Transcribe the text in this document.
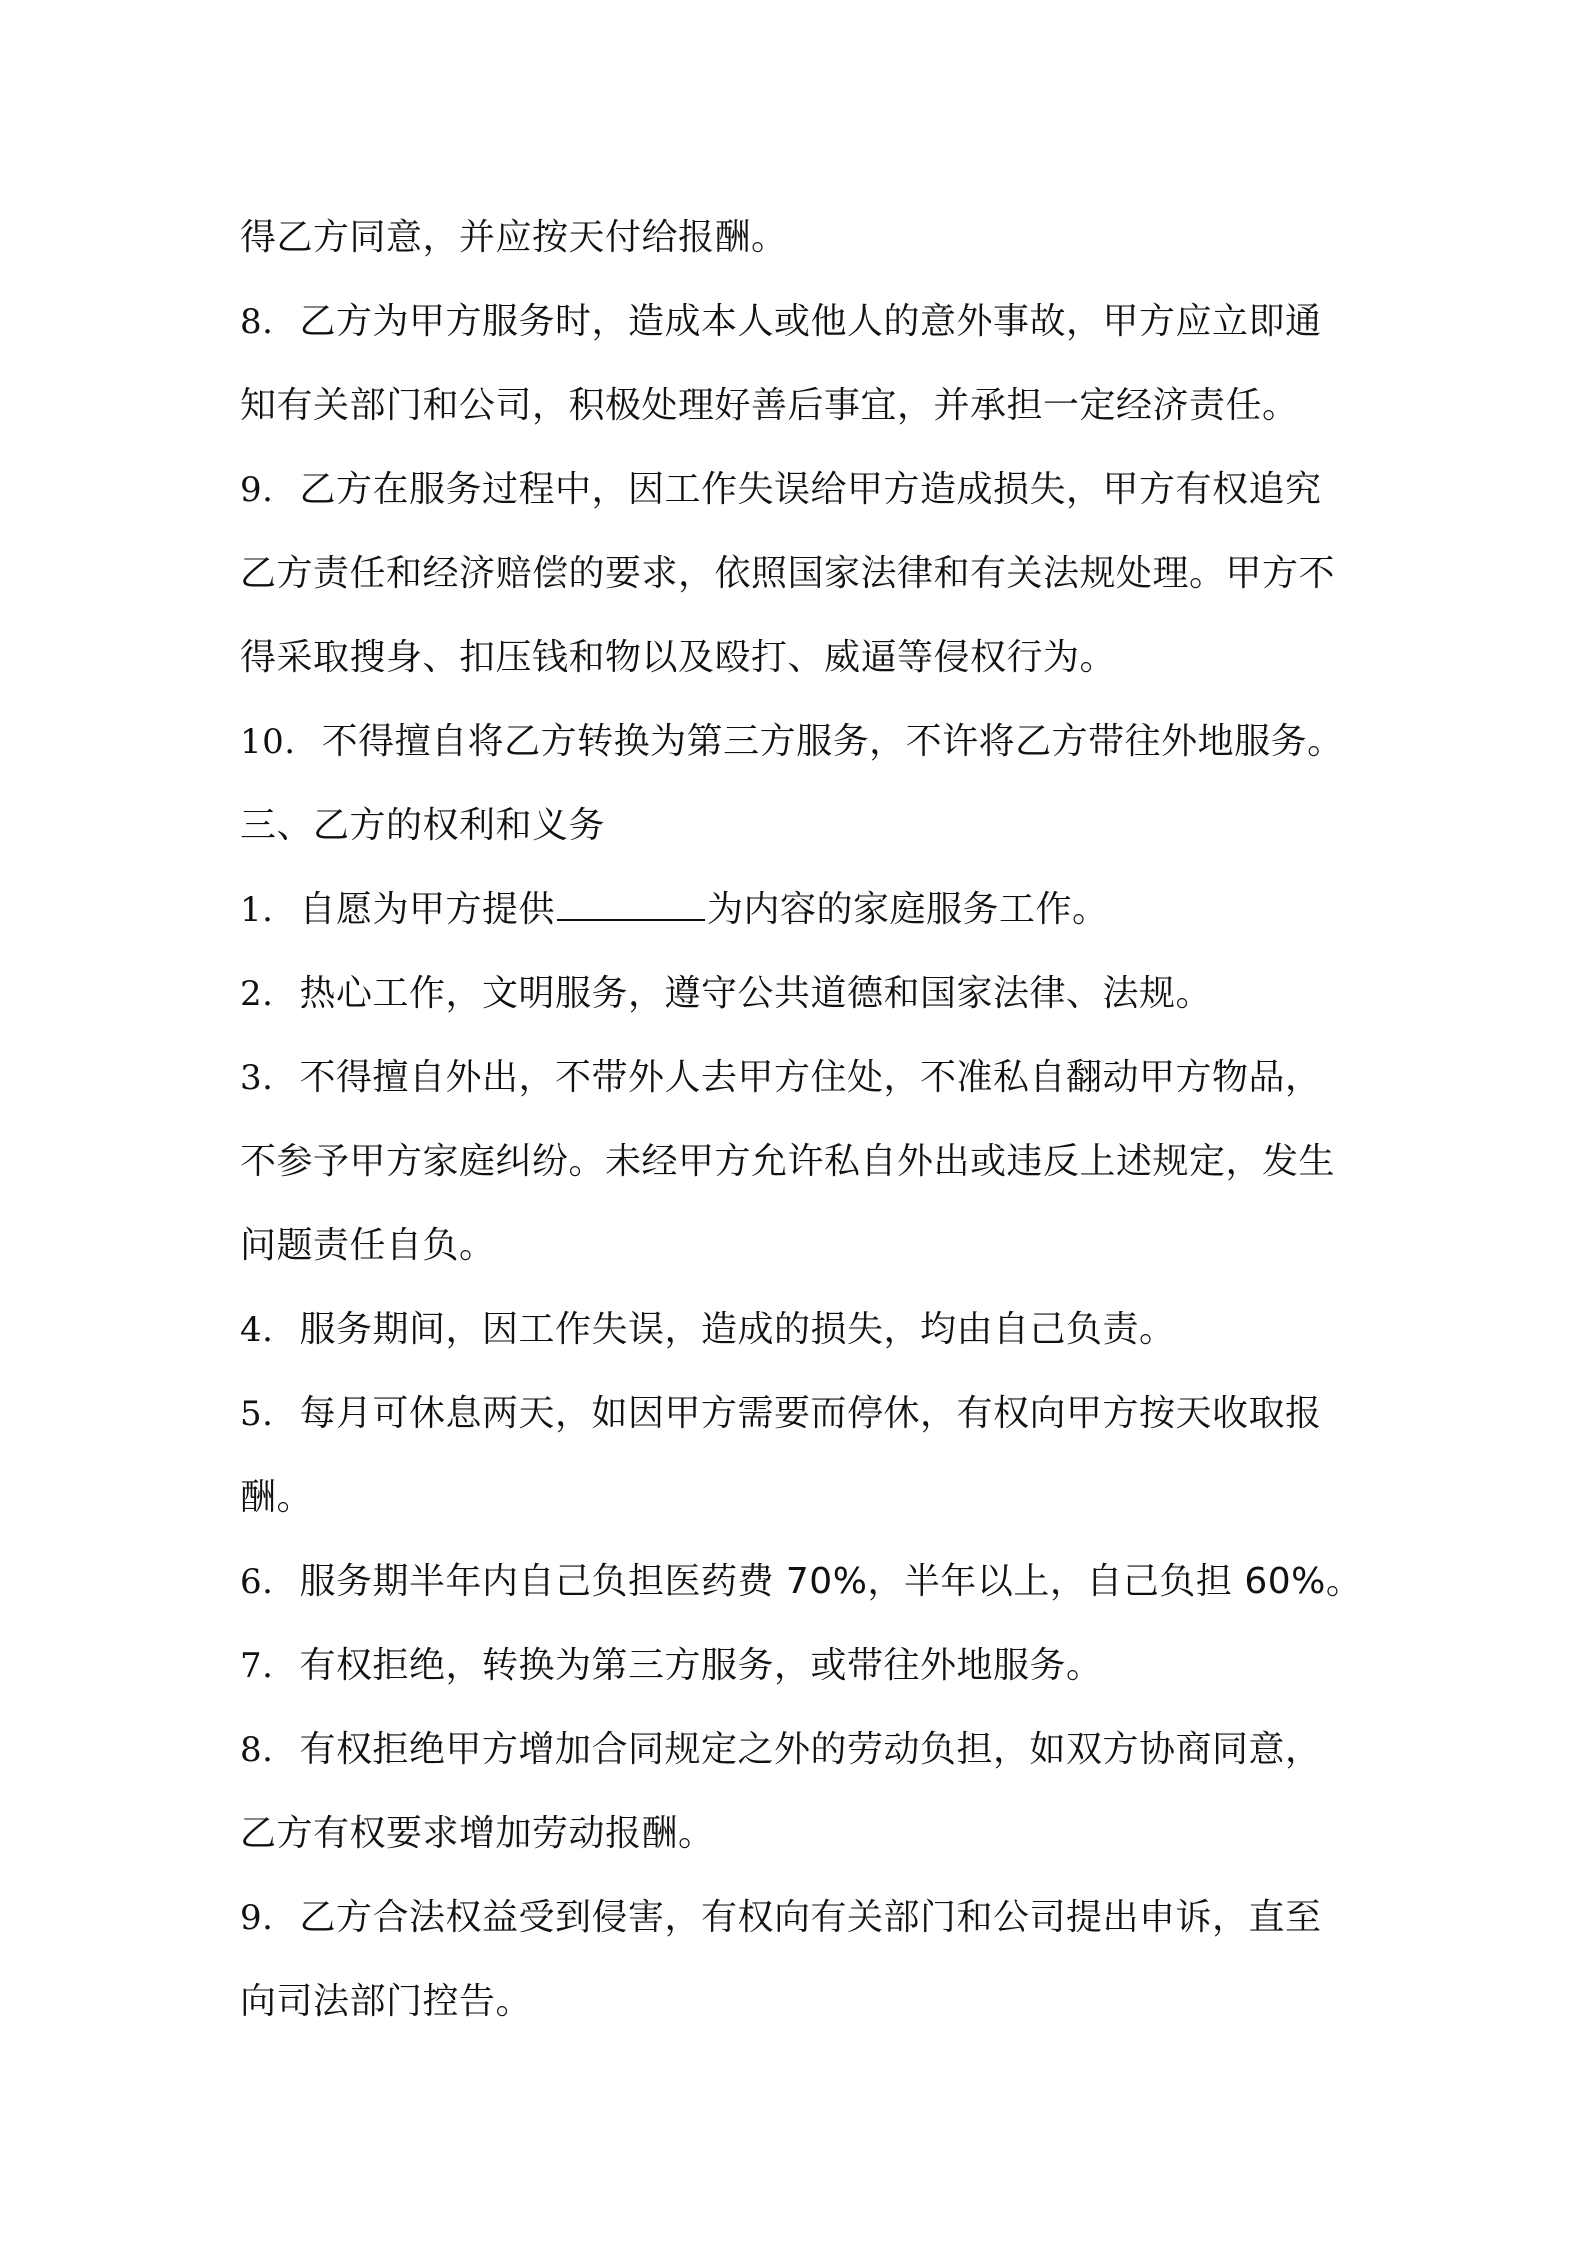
得乙方同意，并应按天付给报酬。
8. 乙方为甲方服务时，造成本人或他人的意外事故，甲方应立即通
知有关部门和公司，积极处理好善后事宜，并承担一定经济责任。
9. 乙方在服务过程中，因工作失误给甲方造成损失，甲方有权追究
乙方责任和经济赔偿的要求，依照国家法律和有关法规处理。甲方不
得采取搜身、扣压钱和物以及殴打、威逼等侵权行为。
10. 不得擅自将乙方转换为第三方服务，不许将乙方带往外地服务。
三、乙方的权利和义务
1. 自愿为甲方提供	为内容的家庭服务工作。
2. 热心工作，文明服务，遵守公共道德和国家法律、法规。
3. 不得擅自外出，不带外人去甲方住处，不准私自翻动甲方物品，
不参予甲方家庭纠纷。未经甲方允许私自外出或违反上述规定，发生
问题责任自负。
4. 服务期间，因工作失误，造成的损失，均由自己负责。
5. 每月可休息两天，如因甲方需要而停休，有权向甲方按天收取报
酬。
6. 服务期半年内自己负担医药费 70%，半年以上，自己负担 60%。
7. 有权拒绝，转换为第三方服务，或带往外地服务。
8. 有权拒绝甲方增加合同规定之外的劳动负担，如双方协商同意，
乙方有权要求增加劳动报酬。
9. 乙方合法权益受到侵害，有权向有关部门和公司提出申诉，直至
向司法部门控告。
